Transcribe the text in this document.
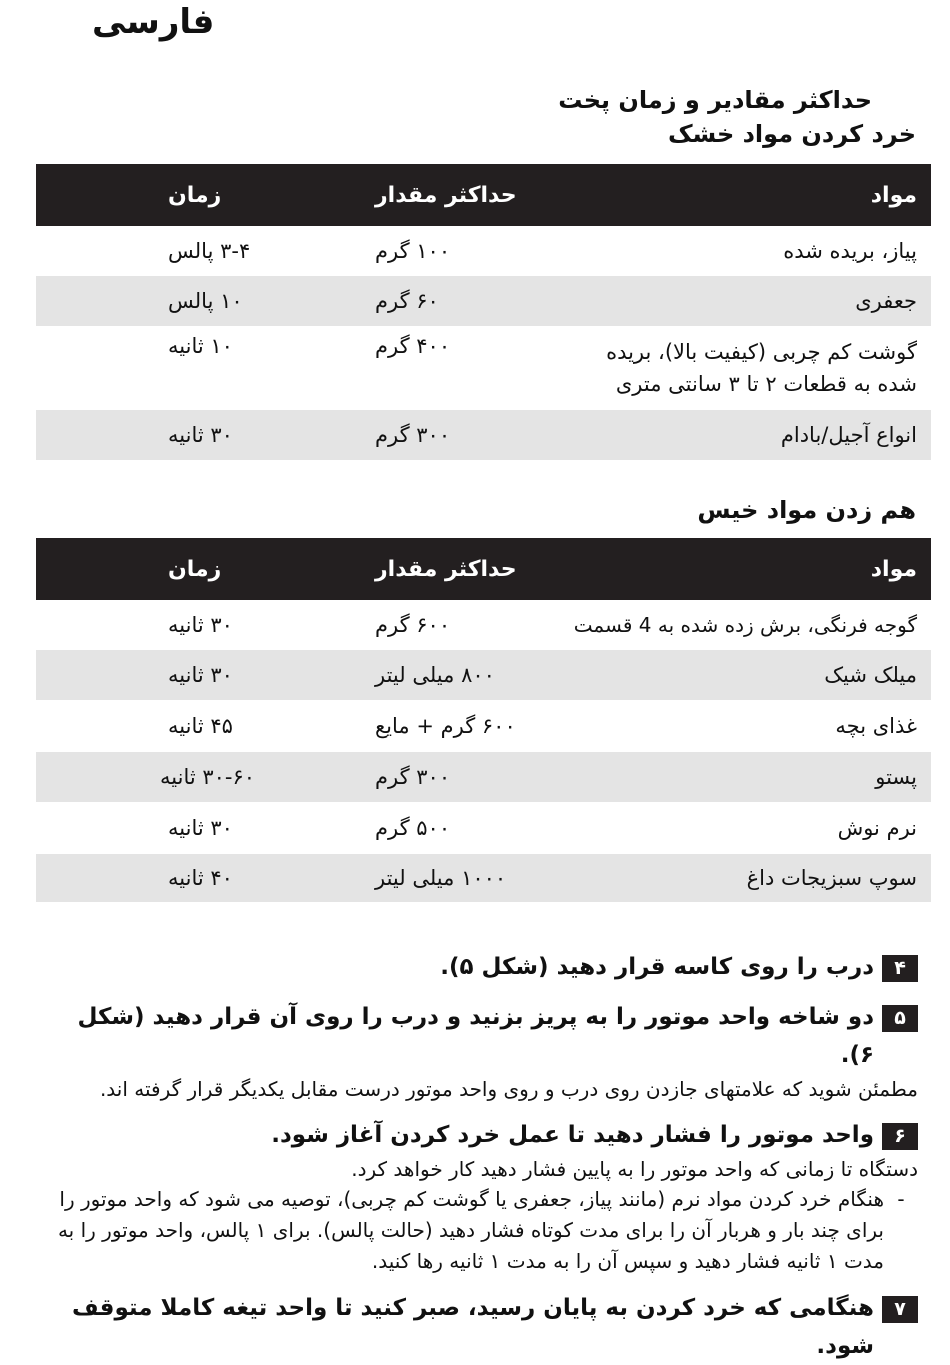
فارسی
حداکثر مقادیر و زمان پخت
خرد کردن مواد خشک
مواد	حداکثر مقدار	زمان
پیاز، بریده شده	۱۰۰ گرم	۳-۴ پالس
جعفری	۶۰ گرم	۱۰ پالس
گوشت کم چربی (کیفیت بالا)، بریده شده به قطعات ۲ تا ۳ سانتی متری	۴۰۰ گرم	۱۰ ثانیه
انواع آجیل/بادام	۳۰۰ گرم	۳۰ ثانیه
هم زدن مواد خیس
مواد	حداکثر مقدار	زمان
گوجه فرنگی، برش زده شده به 4 قسمت	۶۰۰ گرم	۳۰ ثانیه
میلک شیک	۸۰۰ میلی لیتر	۳۰ ثانیه
غذای بچه	۶۰۰ گرم + مایع	۴۵ ثانیه
پستو	۳۰۰ گرم	۳۰-۶۰ ثانیه
نرم نوش	۵۰۰ گرم	۳۰ ثانیه
سوپ سبزیجات داغ	۱۰۰۰ میلی لیتر	۴۰ ثانیه
۴
درب را روی کاسه قرار دهید (شکل ۵).
۵
دو شاخه واحد موتور را به پریز بزنید و درب را روی آن قرار دهید (شکل ۶).
مطمئن شوید که علامتهای جازدن روی درب و روی واحد موتور درست مقابل یکدیگر قرار گرفته اند.
۶
واحد موتور را فشار دهید تا عمل خرد کردن آغاز شود.
دستگاه تا زمانی که واحد موتور را به پایین فشار دهید کار خواهد کرد.
-
هنگام خرد کردن مواد نرم (مانند پیاز، جعفری یا گوشت کم چربی)، توصیه می شود که واحد موتور را برای چند بار و هربار آن را برای مدت کوتاه فشار دهید (حالت پالس). برای ۱ پالس، واحد موتور را به مدت ۱ ثانیه فشار دهید و سپس آن را به مدت ۱ ثانیه رها کنید.
۷
هنگامی که خرد کردن به پایان رسید، صبر کنید تا واحد تیغه کاملا متوقف شود.
